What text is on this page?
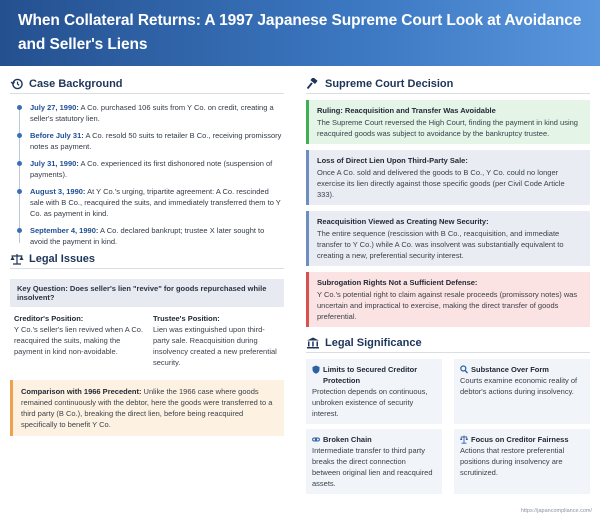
When Collateral Returns: A 1997 Japanese Supreme Court Look at Avoidance and Seller's Liens
Case Background
July 27, 1990: A Co. purchased 106 suits from Y Co. on credit, creating a seller's statutory lien.
Before July 31: A Co. resold 50 suits to retailer B Co., receiving promissory notes as payment.
July 31, 1990: A Co. experienced its first dishonored note (suspension of payments).
August 3, 1990: At Y Co.'s urging, tripartite agreement: A Co. rescinded sale with B Co., reacquired the suits, and immediately transferred them to Y Co. as payment in kind.
September 4, 1990: A Co. declared bankrupt; trustee X later sought to avoid the payment in kind.
Legal Issues
Key Question: Does seller's lien "revive" for goods repurchased while insolvent?
Creditor's Position:
Y Co.'s seller's lien revived when A Co. reacquired the suits, making the payment in kind non-avoidable.
Trustee's Position:
Lien was extinguished upon third-party sale. Reacquisition during insolvency created a new preferential security.
Comparison with 1966 Precedent: Unlike the 1966 case where goods remained continuously with the debtor, here the goods were transferred to a third party (B Co.), breaking the direct lien, before being reacquired specifically to benefit Y Co.
Supreme Court Decision
Ruling: Reacquisition and Transfer Was Avoidable
The Supreme Court reversed the High Court, finding the payment in kind using reacquired goods was subject to avoidance by the bankruptcy trustee.
Loss of Direct Lien Upon Third-Party Sale:
Once A Co. sold and delivered the goods to B Co., Y Co. could no longer exercise its lien directly against those specific goods (per Civil Code Article 333).
Reacquisition Viewed as Creating New Security:
The entire sequence (rescission with B Co., reacquisition, and immediate transfer to Y Co.) while A Co. was insolvent was substantially equivalent to creating a new, preferential security interest.
Subrogation Rights Not a Sufficient Defense:
Y Co.'s potential right to claim against resale proceeds (promissory notes) was uncertain and impractical to exercise, making the direct transfer of goods preferential.
Legal Significance
Limits to Secured Creditor Protection
Protection depends on continuous, unbroken existence of security interest.
Substance Over Form
Courts examine economic reality of debtor's actions during insolvency.
Broken Chain
Intermediate transfer to third party breaks the direct connection between original lien and reacquired assets.
Focus on Creditor Fairness
Actions that restore preferential positions during insolvency are scrutinized.
https://japancompliance.com/
